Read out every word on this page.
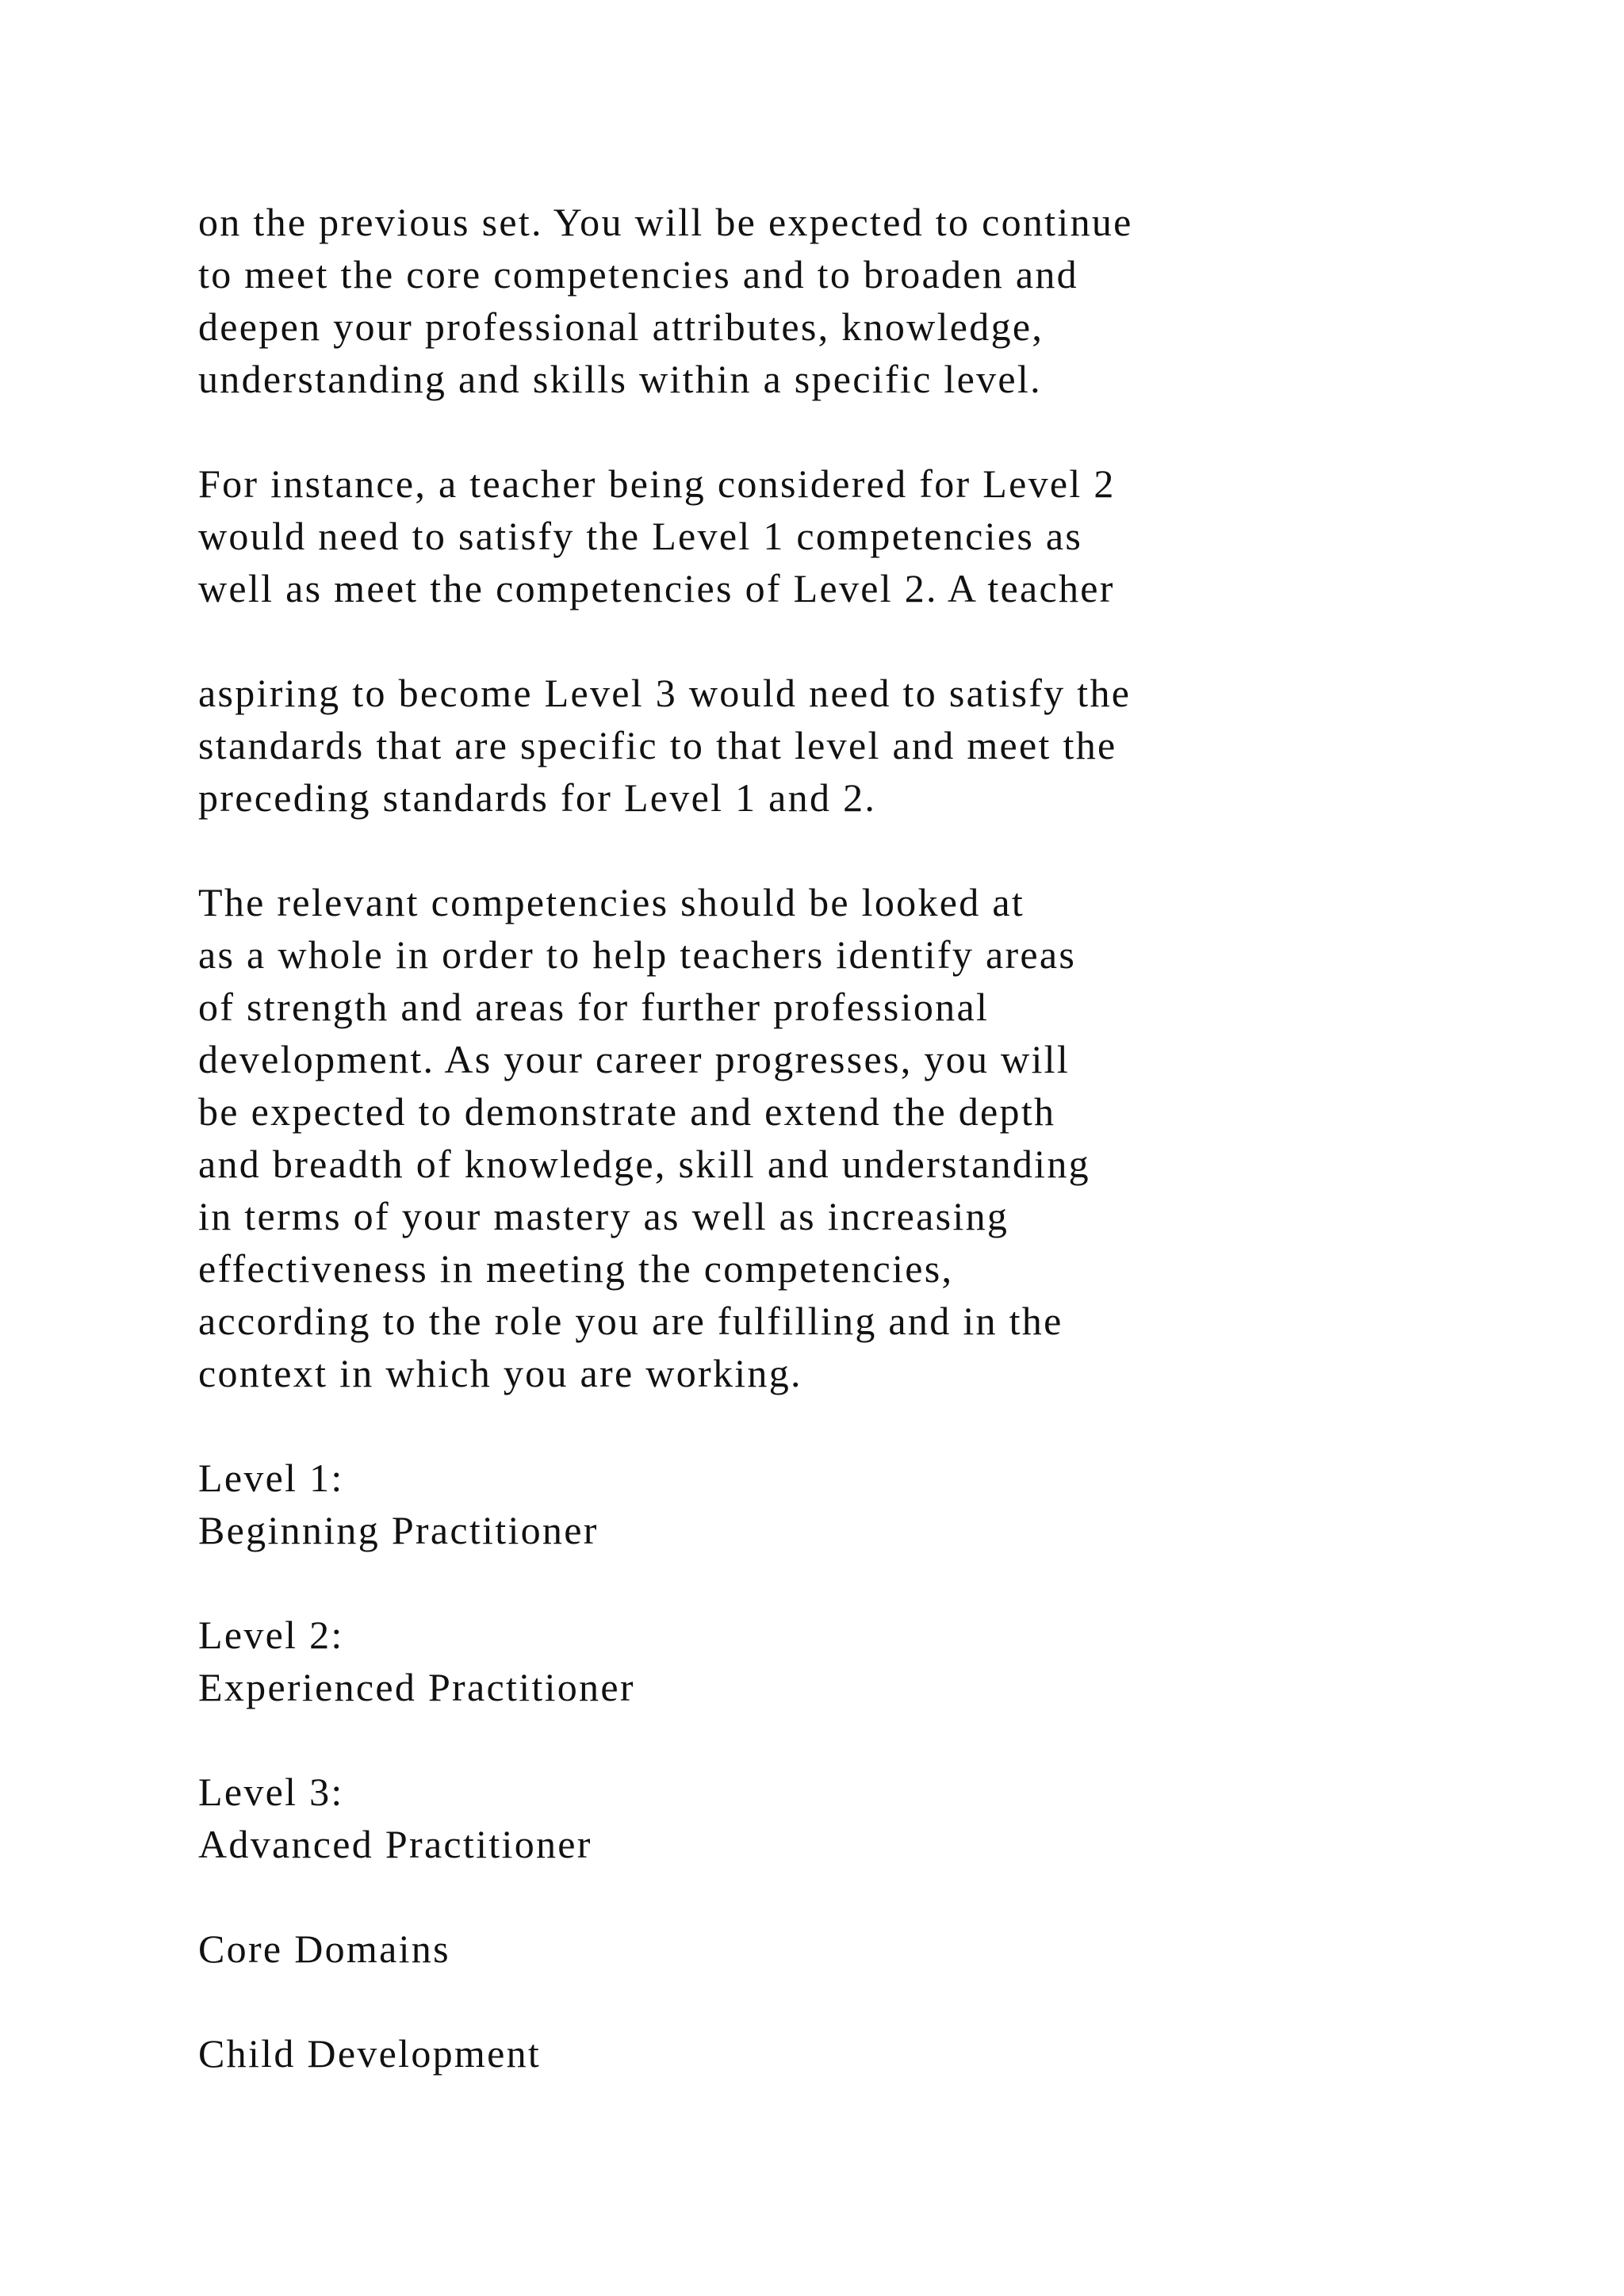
on the previous set. You will be expected to continue
to meet the core competencies and to broaden and
deepen your professional attributes, knowledge,
understanding and skills within a specific level.
For instance, a teacher being considered for Level 2
would need to satisfy the Level 1 competencies as
well as meet the competencies of Level 2. A teacher
aspiring to become Level 3 would need to satisfy the
standards that are specific to that level and meet the
preceding standards for Level 1 and 2.
The relevant competencies should be looked at
as a whole in order to help teachers identify areas
of strength and areas for further professional
development. As your career progresses, you will
be expected to demonstrate and extend the depth
and breadth of knowledge, skill and understanding
in terms of your mastery as well as increasing
effectiveness in meeting the competencies,
according to the role you are fulfilling and in the
context in which you are working.
Level 1:
Beginning Practitioner
Level 2:
Experienced Practitioner
Level 3:
Advanced Practitioner
Core Domains
Child Development
